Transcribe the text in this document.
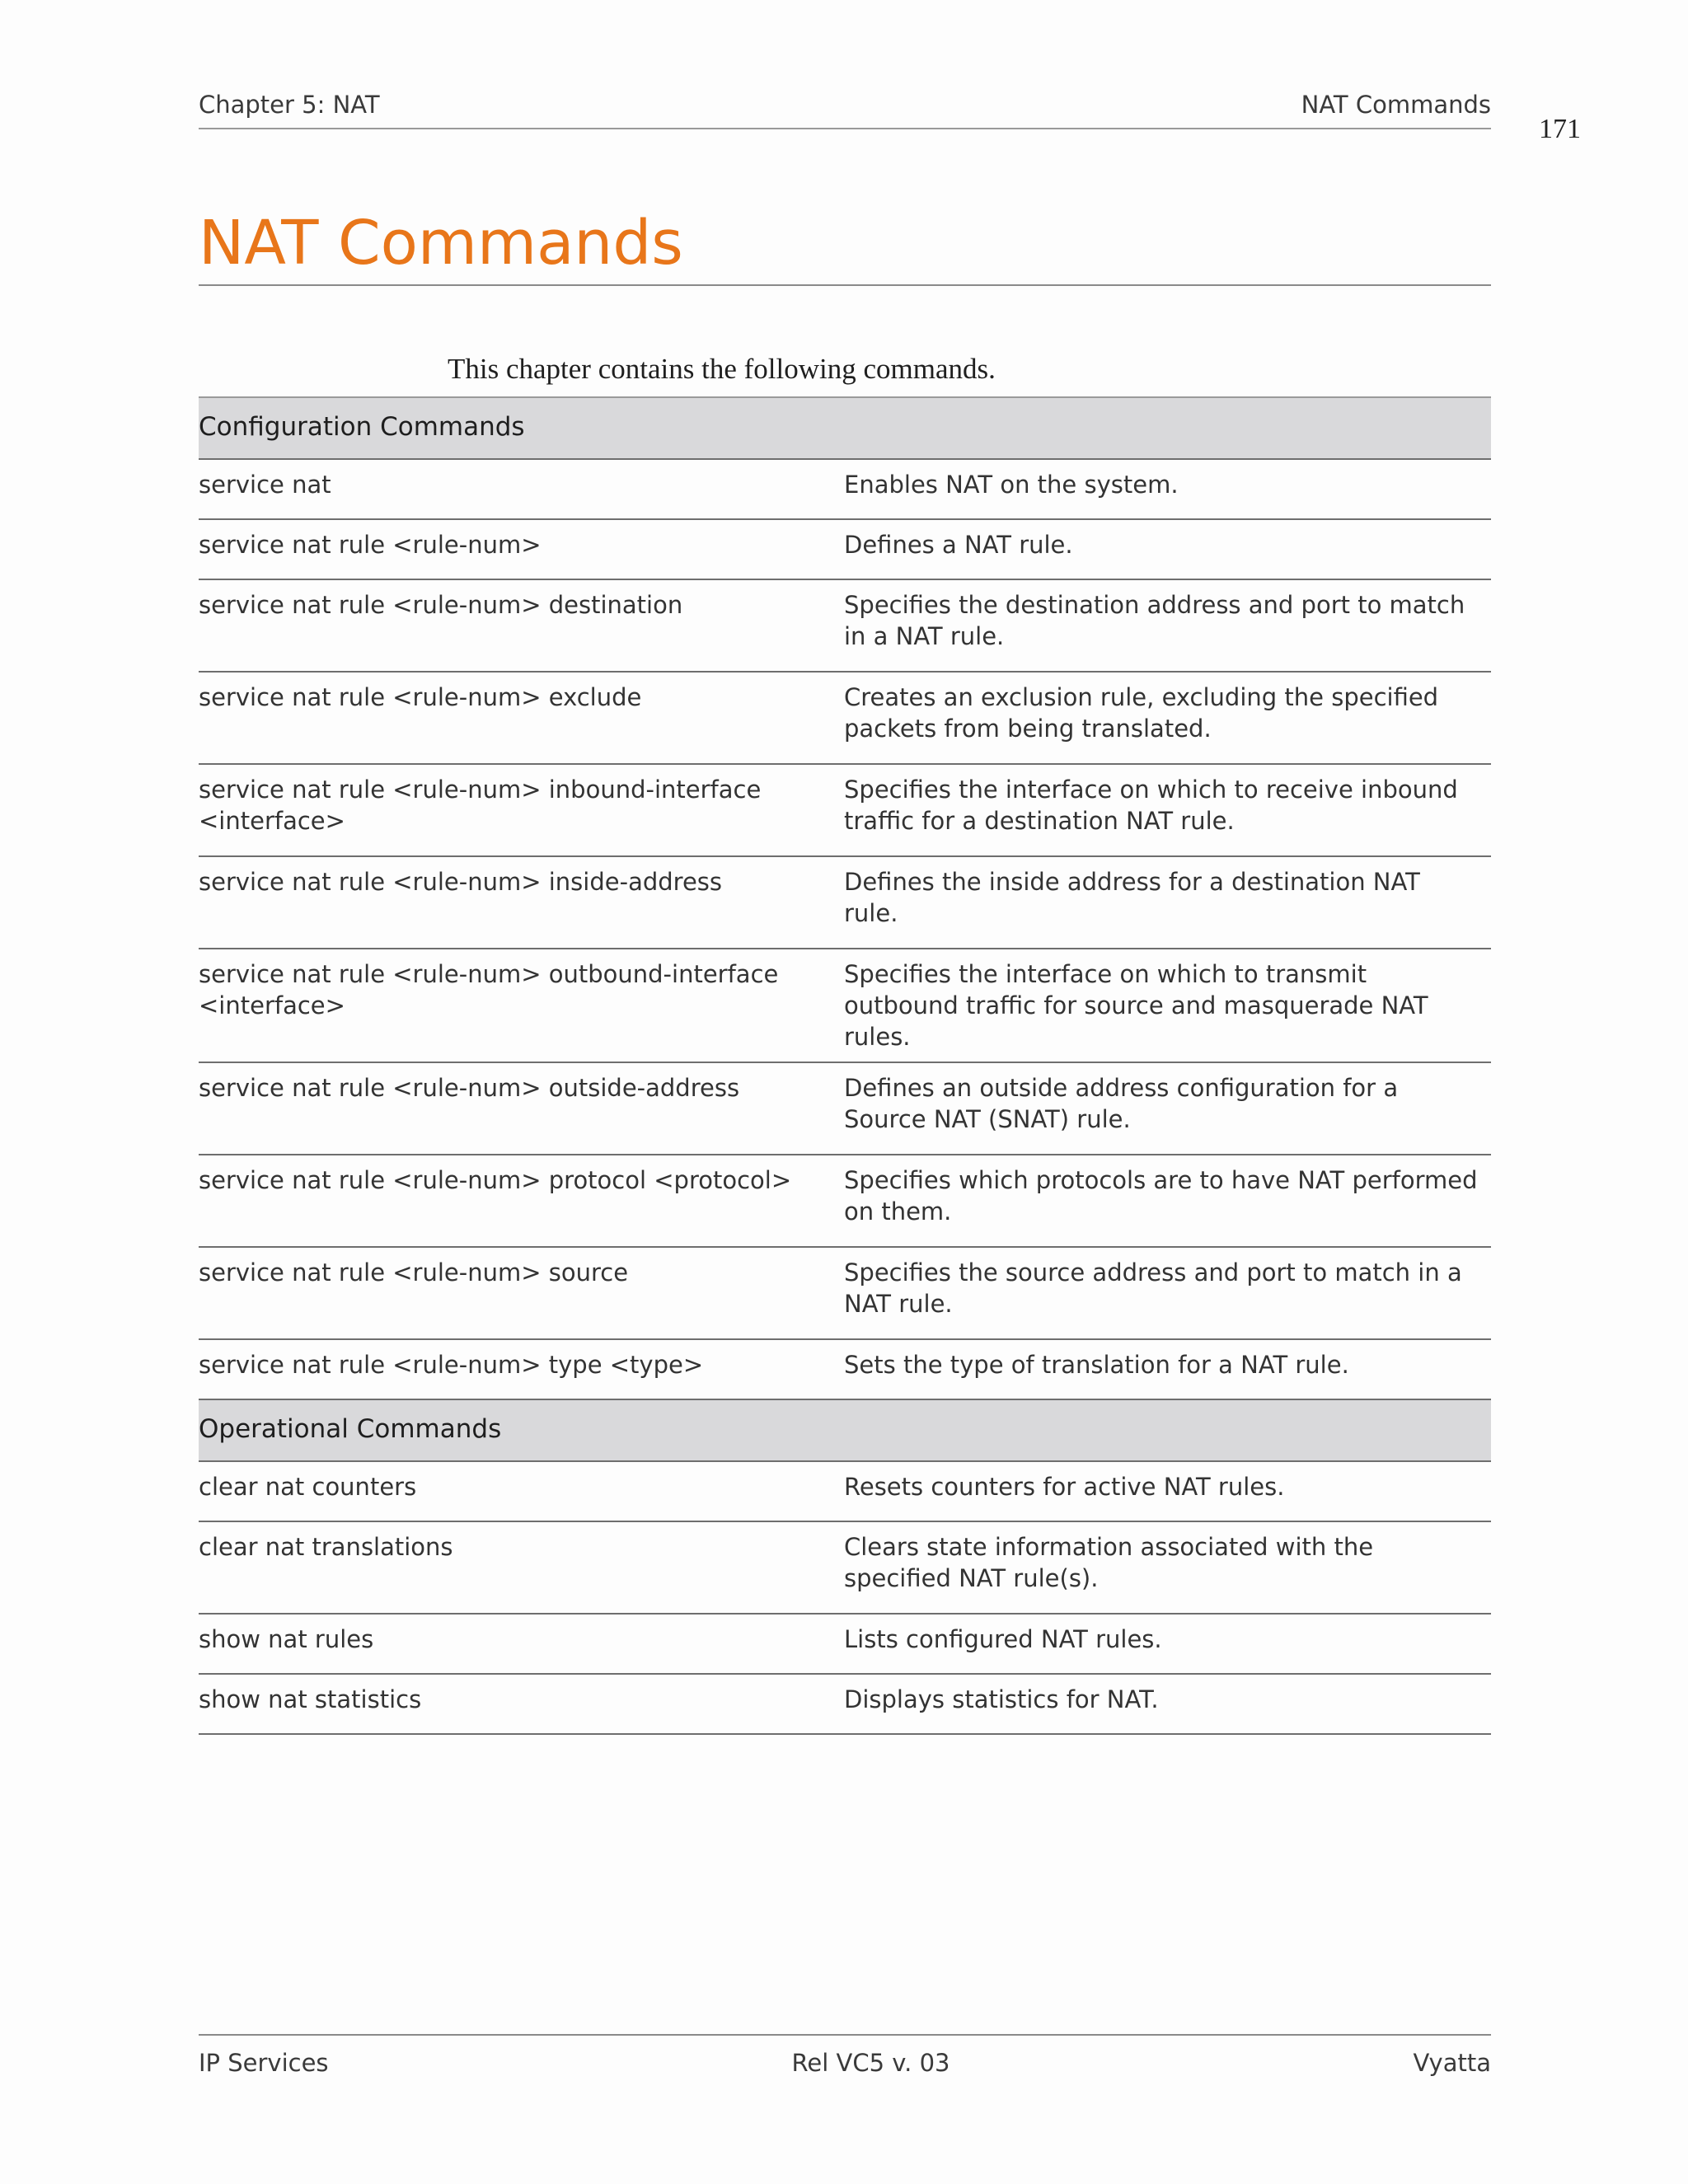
Chapter 5: NAT	NAT Commands
171
NAT Commands

This chapter contains the following commands.

Configuration Commands	
service nat	Enables NAT on the system.
service nat rule <rule-num>	Defines a NAT rule.
service nat rule <rule-num> destination	Specifies the destination address and port to match in a NAT rule.
service nat rule <rule-num> exclude	Creates an exclusion rule, excluding the specified packets from being translated.
service nat rule <rule-num> inbound-interface <interface>	Specifies the interface on which to receive inbound traffic for a destination NAT rule.
service nat rule <rule-num> inside-address	Defines the inside address for a destination NAT rule.
service nat rule <rule-num> outbound-interface <interface>	Specifies the interface on which to transmit outbound traffic for source and masquerade NAT rules.
service nat rule <rule-num> outside-address	Defines an outside address configuration for a Source NAT (SNAT) rule.
service nat rule <rule-num> protocol <protocol>	Specifies which protocols are to have NAT performed on them.
service nat rule <rule-num> source	Specifies the source address and port to match in a NAT rule.
service nat rule <rule-num> type <type>	Sets the type of translation for a NAT rule.
Operational Commands	
clear nat counters	Resets counters for active NAT rules.
clear nat translations	Clears state information associated with the specified NAT rule(s).
show nat rules	Lists configured NAT rules.
show nat statistics	Displays statistics for NAT.
IP Services	Rel VC5 v. 03	Vyatta
